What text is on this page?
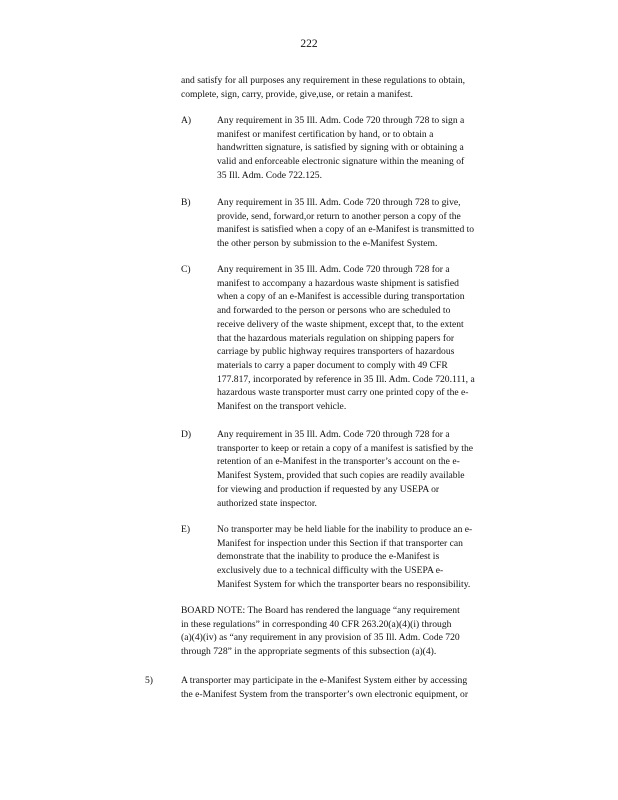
222
and satisfy for all purposes any requirement in these regulations to obtain,
complete, sign, carry, provide, give,use, or retain a manifest.
A)	Any requirement in 35 Ill. Adm. Code 720 through 728 to sign a
manifest or manifest certification by hand, or to obtain a
handwritten signature, is satisfied by signing with or obtaining a
valid and enforceable electronic signature within the meaning of
35 Ill. Adm. Code 722.125.
B)	Any requirement in 35 Ill. Adm. Code 720 through 728 to give,
provide, send, forward,or return to another person a copy of the
manifest is satisfied when a copy of an e-Manifest is transmitted to
the other person by submission to the e-Manifest System.
C)	Any requirement in 35 Ill. Adm. Code 720 through 728 for a
manifest to accompany a hazardous waste shipment is satisfied
when a copy of an e-Manifest is accessible during transportation
and forwarded to the person or persons who are scheduled to
receive delivery of the waste shipment, except that, to the extent
that the hazardous materials regulation on shipping papers for
carriage by public highway requires transporters of hazardous
materials to carry a paper document to comply with 49 CFR
177.817, incorporated by reference in 35 Ill. Adm. Code 720.111, a
hazardous waste transporter must carry one printed copy of the e-
Manifest on the transport vehicle.
D)	Any requirement in 35 Ill. Adm. Code 720 through 728 for a
transporter to keep or retain a copy of a manifest is satisfied by the
retention of an e-Manifest in the transporter’s account on the e-
Manifest System, provided that such copies are readily available
for viewing and production if requested by any USEPA or
authorized state inspector.
E)	No transporter may be held liable for the inability to produce an e-
Manifest for inspection under this Section if that transporter can
demonstrate that the inability to produce the e-Manifest is
exclusively due to a technical difficulty with the USEPA e-
Manifest System for which the transporter bears no responsibility.
BOARD NOTE: The Board has rendered the language “any requirement
in these regulations” in corresponding 40 CFR 263.20(a)(4)(i) through
(a)(4)(iv) as “any requirement in any provision of 35 Ill. Adm. Code 720
through 728” in the appropriate segments of this subsection (a)(4).
5)	A transporter may participate in the e-Manifest System either by accessing
the e-Manifest System from the transporter’s own electronic equipment, or
